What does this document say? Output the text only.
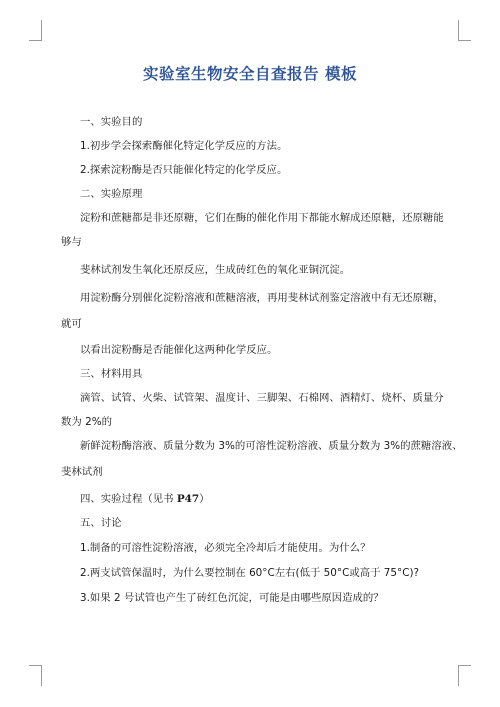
实验室生物安全自查报告 模板

一、实验目的

1.初步学会探索酶催化特定化学反应的方法。

2.探索淀粉酶是否只能催化特定的化学反应。

二、实验原理

淀粉和蔗糖都是非还原糖，它们在酶的催化作用下都能水解成还原糖，还原糖能

够与

斐林试剂发生氧化还原反应，生成砖红色的氧化亚铜沉淀。

用淀粉酶分别催化淀粉溶液和蔗糖溶液，再用斐林试剂鉴定溶液中有无还原糖，

就可

以看出淀粉酶是否能催化这两种化学反应。

三、材料用具

滴管、试管、火柴、试管架、温度计、三脚架、石棉网、酒精灯、烧杯、质量分

数为 2%的

新鲜淀粉酶溶液、质量分数为 3%的可溶性淀粉溶液、质量分数为 3%的蔗糖溶液、

斐林试剂

四、实验过程（见书 P47）

五、讨论

1.制备的可溶性淀粉溶液，必须完全冷却后才能使用。为什么？

2.两支试管保温时，为什么要控制在 60°C左右(低于 50°C或高于 75°C)?

3.如果 2 号试管也产生了砖红色沉淀，可能是由哪些原因造成的？
